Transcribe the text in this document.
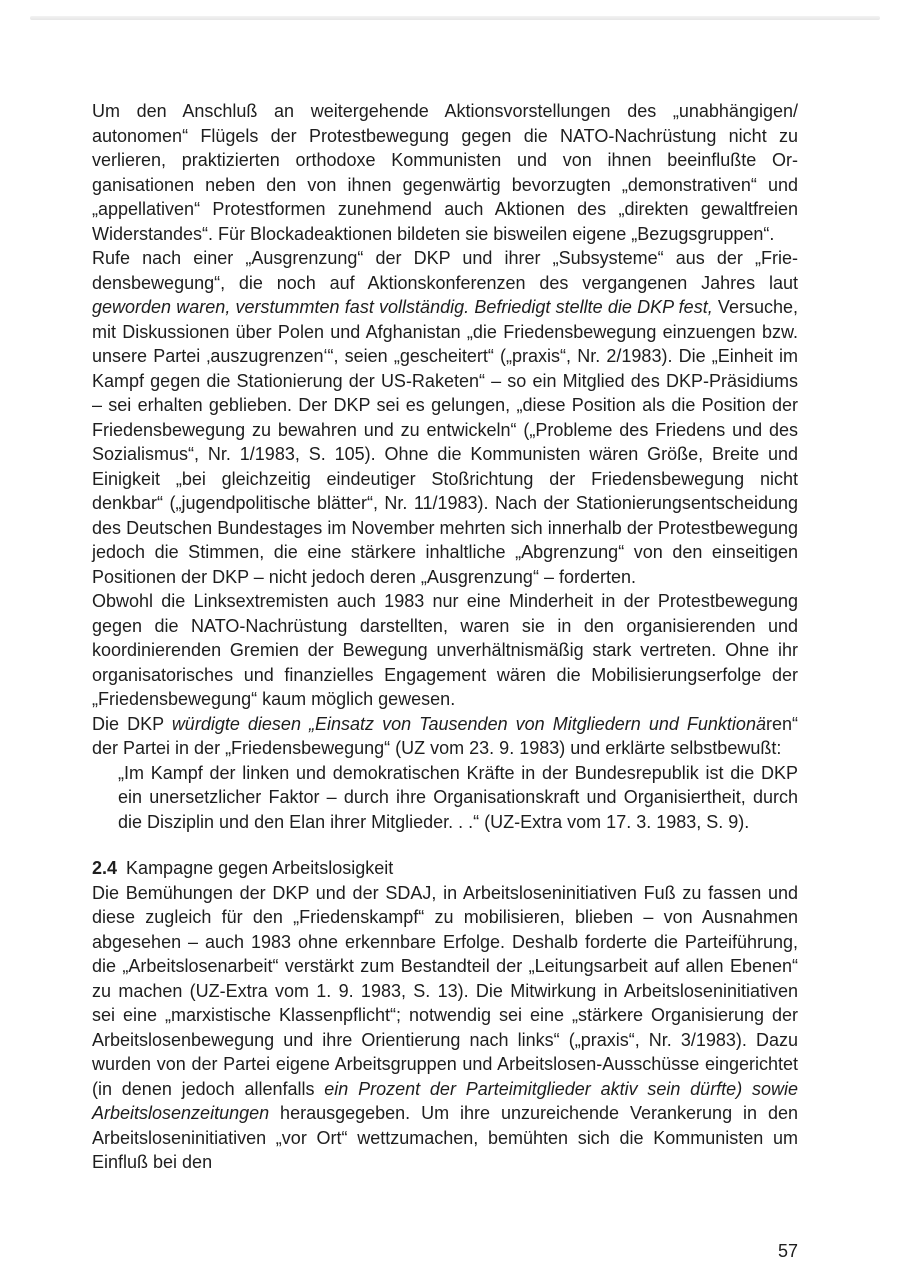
Um den Anschluß an weitergehende Aktionsvorstellungen des „unabhängigen/ autonomen“ Flügels der Protestbewegung gegen die NATO-Nachrüstung nicht zu verlieren, praktizierten orthodoxe Kommunisten und von ihnen beeinflußte Organisationen neben den von ihnen gegenwärtig bevorzugten „demonstrativen“ und „appellativen“ Protestformen zunehmend auch Aktionen des „direkten gewaltfreien Widerstandes“. Für Blockadeaktionen bildeten sie bisweilen eigene „Bezugsgruppen“.

Rufe nach einer „Ausgrenzung“ der DKP und ihrer „Subsysteme“ aus der „Friedensbewegung“, die noch auf Aktionskonferenzen des vergangenen Jahres laut geworden waren, verstummten fast vollständig. Befriedigt stellte die DKP fest, Versuche, mit Diskussionen über Polen und Afghanistan „die Friedensbewegung einzuengen bzw. unsere Partei ‚auszugrenzen‘“, seien „gescheitert“ („praxis“, Nr. 2/1983). Die „Einheit im Kampf gegen die Stationierung der US-Raketen“ – so ein Mitglied des DKP-Präsidiums – sei erhalten geblieben. Der DKP sei es gelungen, „diese Position als die Position der Friedensbewegung zu bewahren und zu entwickeln“ („Probleme des Friedens und des Sozialismus“, Nr. 1/1983, S. 105). Ohne die Kommunisten wären Größe, Breite und Einigkeit „bei gleichzeitig eindeutiger Stoßrichtung der Friedensbewegung nicht denkbar“ („jugendpolitische blätter“, Nr. 11/1983). Nach der Stationierungsentscheidung des Deutschen Bundestages im November mehrten sich innerhalb der Protestbewegung jedoch die Stimmen, die eine stärkere inhaltliche „Abgrenzung“ von den einseitigen Positionen der DKP – nicht jedoch deren „Ausgrenzung“ – forderten.

Obwohl die Linksextremisten auch 1983 nur eine Minderheit in der Protestbewegung gegen die NATO-Nachrüstung darstellten, waren sie in den organisierenden und koordinierenden Gremien der Bewegung unverhältnismäßig stark vertreten. Ohne ihr organisatorisches und finanzielles Engagement wären die Mobilisierungserfolge der „Friedensbewegung“ kaum möglich gewesen.

Die DKP würdigte diesen „Einsatz von Tausenden von Mitgliedern und Funktionären“ der Partei in der „Friedensbewegung“ (UZ vom 23. 9. 1983) und erklärte selbstbewußt:

„Im Kampf der linken und demokratischen Kräfte in der Bundesrepublik ist die DKP ein unersetzlicher Faktor – durch ihre Organisationskraft und Organisiertheit, durch die Disziplin und den Elan ihrer Mitglieder. . .“ (UZ-Extra vom 17. 3. 1983, S. 9).

2.4 Kampagne gegen Arbeitslosigkeit

Die Bemühungen der DKP und der SDAJ, in Arbeitsloseninitiativen Fuß zu fassen und diese zugleich für den „Friedenskampf“ zu mobilisieren, blieben – von Ausnahmen abgesehen – auch 1983 ohne erkennbare Erfolge. Deshalb forderte die Parteiführung, die „Arbeitslosenarbeit“ verstärkt zum Bestandteil der „Leitungsarbeit auf allen Ebenen“ zu machen (UZ-Extra vom 1. 9. 1983, S. 13). Die Mitwirkung in Arbeitsloseninitiativen sei eine „marxistische Klassenpflicht“; notwendig sei eine „stärkere Organisierung der Arbeitslosenbewegung und ihre Orientierung nach links“ („praxis“, Nr. 3/1983). Dazu wurden von der Partei eigene Arbeitsgruppen und Arbeitslosen-Ausschüsse eingerichtet (in denen jedoch allenfalls ein Prozent der Parteimitglieder aktiv sein dürfte) sowie Arbeitslosenzeitungen herausgegeben. Um ihre unzureichende Verankerung in den Arbeitsloseninitiativen „vor Ort“ wettzumachen, bemühten sich die Kommunisten um Einfluß bei den

57
